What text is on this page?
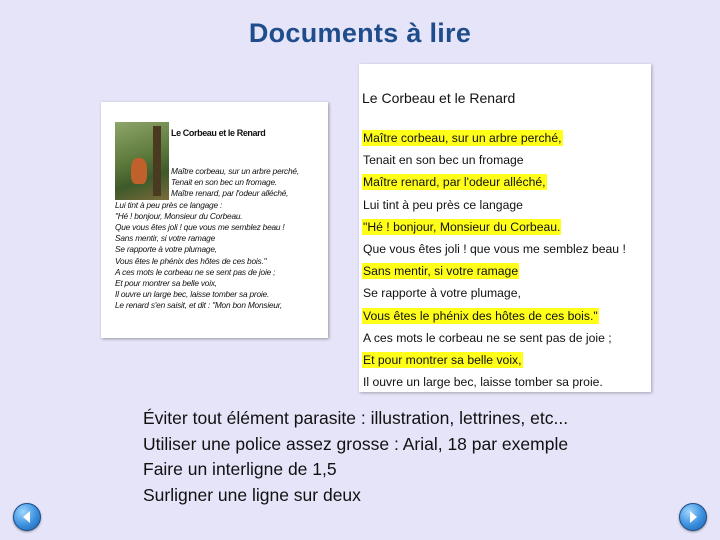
Documents à lire
Le Corbeau et le Renard
Maître corbeau, sur un arbre perché,
Tenait en son bec un fromage.
Maître renard, par l'odeur alléché,
Lui tint à peu près ce langage :
"Hé ! bonjour, Monsieur du Corbeau.
Que vous êtes joli ! que vous me semblez beau !
Sans mentir, si votre ramage
Se rapporte à votre plumage,
Vous êtes le phénix des hôtes de ces bois."
A ces mots le corbeau ne se sent pas de joie ;
Et pour montrer sa belle voix,
Il ouvre un large bec, laisse tomber sa proie.
Le renard s'en saisit, et dit : "Mon bon Monsieur,
Le Corbeau et le Renard
Maître corbeau, sur un arbre perché,
Tenait en son bec un fromage
Maître renard, par l'odeur alléché,
Lui tint à peu près ce langage
"Hé ! bonjour, Monsieur du Corbeau.
Que vous êtes joli ! que vous me semblez beau !
Sans mentir, si votre ramage
Se rapporte à votre plumage,
Vous êtes le phénix des hôtes de ces bois."
A ces mots le corbeau ne se sent pas de joie ;
Et pour montrer sa belle voix,
Il ouvre un large bec, laisse tomber sa proie.
Éviter tout élément parasite : illustration, lettrines, etc...
Utiliser une police assez grosse : Arial, 18 par exemple
Faire un interligne de 1,5
Surligner une ligne sur deux
